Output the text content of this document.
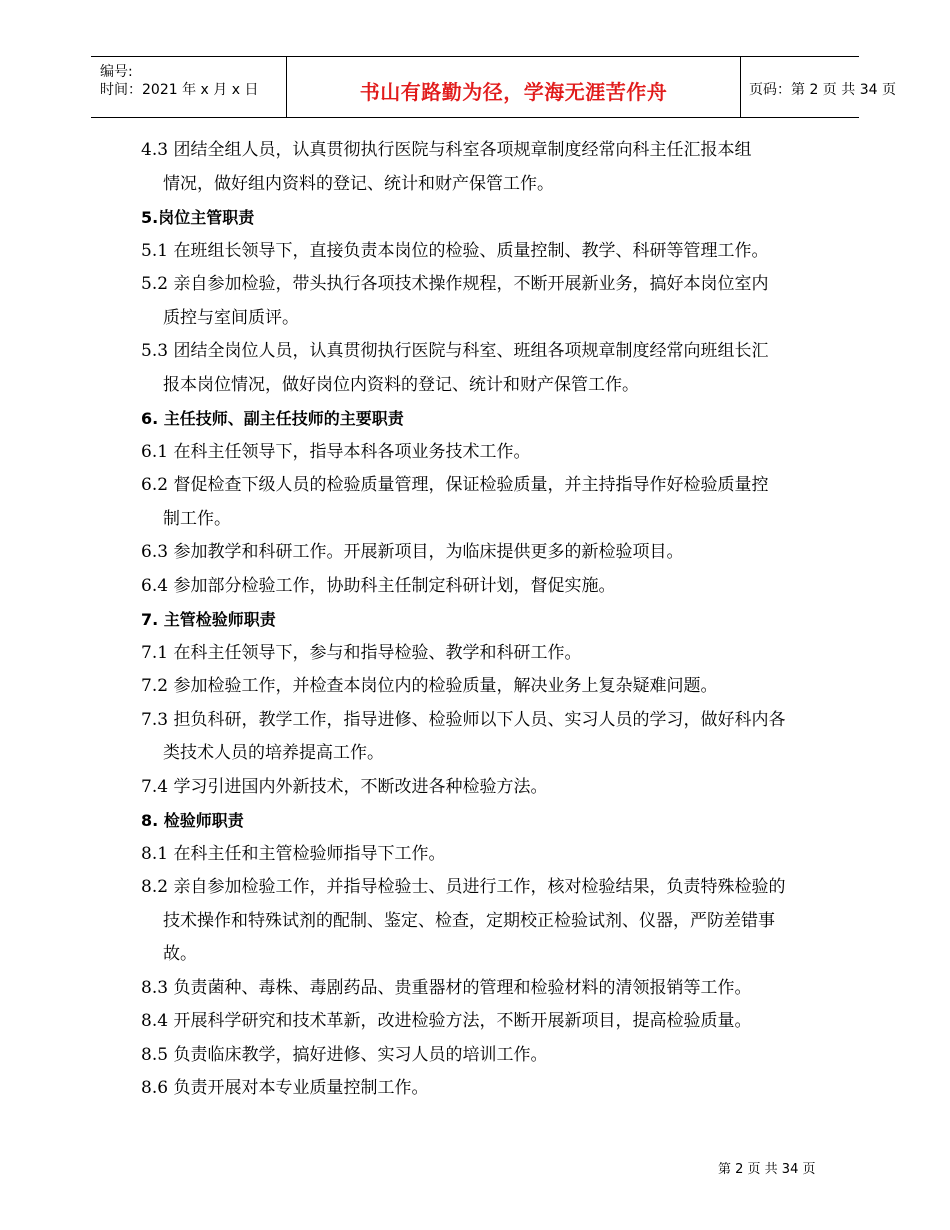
编号:
时间：2021 年 x 月 x 日	书山有路勤为径，学海无涯苦作舟	页码：第 2 页 共 34 页

4.3 团结全组人员，认真贯彻执行医院与科室各项规章制度经常向科主任汇报本组

情况，做好组内资料的登记、统计和财产保管工作。

5.岗位主管职责

5.1 在班组长领导下，直接负责本岗位的检验、质量控制、教学、科研等管理工作。

5.2 亲自参加检验，带头执行各项技术操作规程，不断开展新业务，搞好本岗位室内

质控与室间质评。

5.3 团结全岗位人员，认真贯彻执行医院与科室、班组各项规章制度经常向班组长汇

报本岗位情况，做好岗位内资料的登记、统计和财产保管工作。

6. 主任技师、副主任技师的主要职责

6.1 在科主任领导下，指导本科各项业务技术工作。

6.2 督促检查下级人员的检验质量管理，保证检验质量，并主持指导作好检验质量控

制工作。

6.3 参加教学和科研工作。开展新项目，为临床提供更多的新检验项目。

6.4 参加部分检验工作，协助科主任制定科研计划，督促实施。

7. 主管检验师职责

7.1 在科主任领导下，参与和指导检验、教学和科研工作。

7.2 参加检验工作，并检查本岗位内的检验质量，解决业务上复杂疑难问题。

7.3 担负科研，教学工作，指导进修、检验师以下人员、实习人员的学习，做好科内各

类技术人员的培养提高工作。

7.4 学习引进国内外新技术，不断改进各种检验方法。

8. 检验师职责

8.1 在科主任和主管检验师指导下工作。

8.2 亲自参加检验工作，并指导检验士、员进行工作，核对检验结果，负责特殊检验的

技术操作和特殊试剂的配制、鉴定、检查，定期校正检验试剂、仪器，严防差错事

故。

8.3 负责菌种、毒株、毒剧药品、贵重器材的管理和检验材料的清领报销等工作。

8.4 开展科学研究和技术革新，改进检验方法，不断开展新项目，提高检验质量。

8.5 负责临床教学，搞好进修、实习人员的培训工作。

8.6 负责开展对本专业质量控制工作。

第 2 页 共 34 页
